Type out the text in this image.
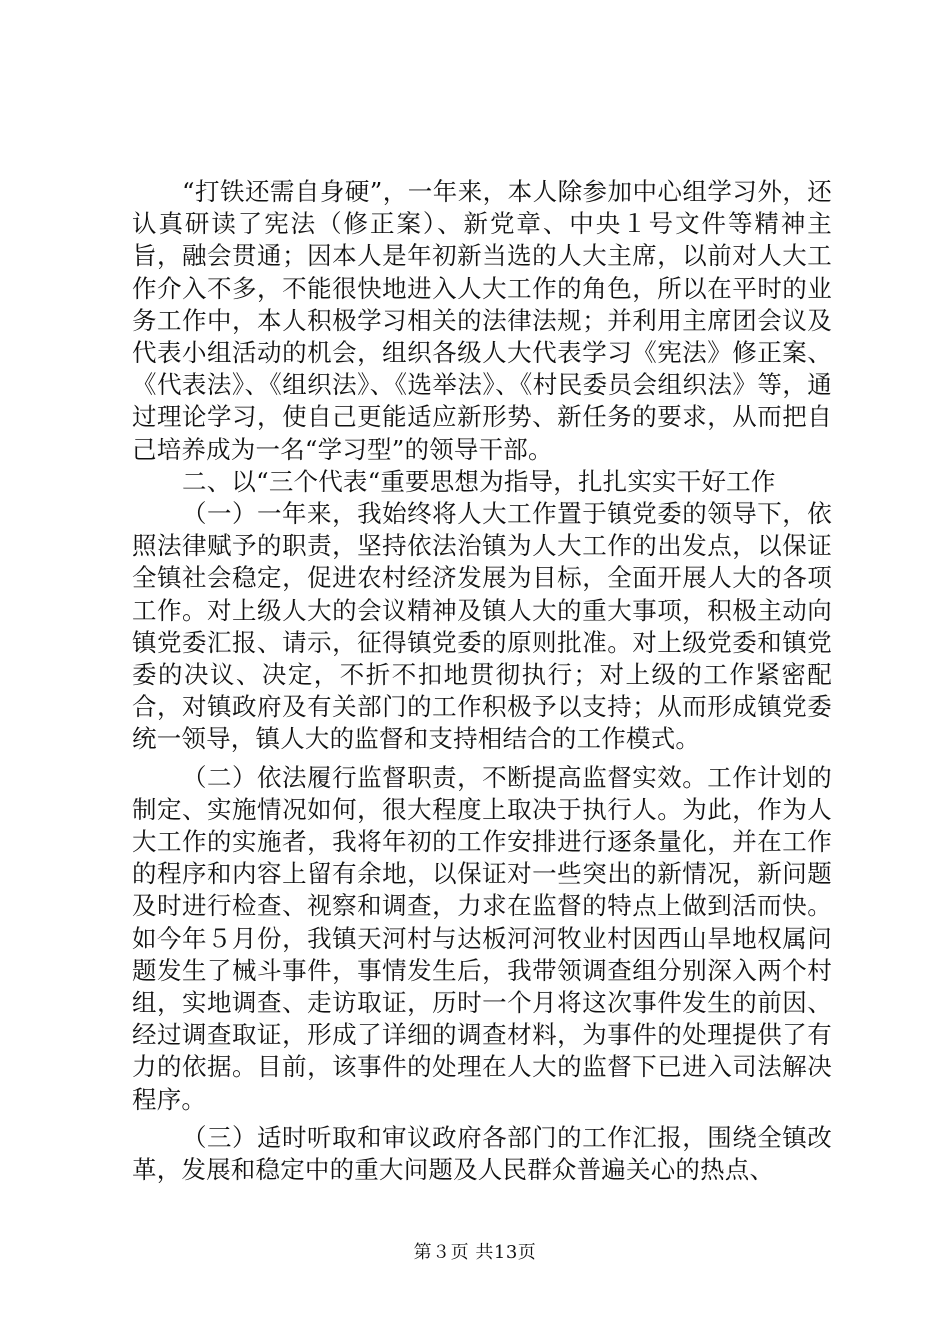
“打铁还需自身硬”，一年来，本人除参加中心组学习外，还认真研读了宪法（修正案）、新党章、中央１号文件等精神主旨，融会贯通；因本人是年初新当选的人大主席，以前对人大工作介入不多，不能很快地进入人大工作的角色，所以在平时的业务工作中，本人积极学习相关的法律法规；并利用主席团会议及代表小组活动的机会，组织各级人大代表学习《宪法》修正案、《代表法》、《组织法》、《选举法》、《村民委员会组织法》等，通过理论学习，使自己更能适应新形势、新任务的要求，从而把自己培养成为一名“学习型”的领导干部。

二、以“三个代表“重要思想为指导，扎扎实实干好工作

（一）一年来，我始终将人大工作置于镇党委的领导下，依照法律赋予的职责，坚持依法治镇为人大工作的出发点，以保证全镇社会稳定，促进农村经济发展为目标，全面开展人大的各项工作。对上级人大的会议精神及镇人大的重大事项，积极主动向镇党委汇报、请示，征得镇党委的原则批准。对上级党委和镇党委的决议、决定，不折不扣地贯彻执行；对上级的工作紧密配合，对镇政府及有关部门的工作积极予以支持；从而形成镇党委统一领导，镇人大的监督和支持相结合的工作模式。

（二）依法履行监督职责，不断提高监督实效。工作计划的制定、实施情况如何，很大程度上取决于执行人。为此，作为人大工作的实施者，我将年初的工作安排进行逐条量化，并在工作的程序和内容上留有余地，以保证对一些突出的新情况，新问题及时进行检查、视察和调查，力求在监督的特点上做到活而快。如今年５月份，我镇天河村与达板河河牧业村因西山旱地权属问题发生了械斗事件，事情发生后，我带领调查组分别深入两个村组，实地调查、走访取证，历时一个月将这次事件发生的前因、经过调查取证，形成了详细的调查材料，为事件的处理提供了有力的依据。目前，该事件的处理在人大的监督下已进入司法解决程序。

（三）适时听取和审议政府各部门的工作汇报，围绕全镇改革，发展和稳定中的重大问题及人民群众普遍关心的热点、

第３页 共13页
